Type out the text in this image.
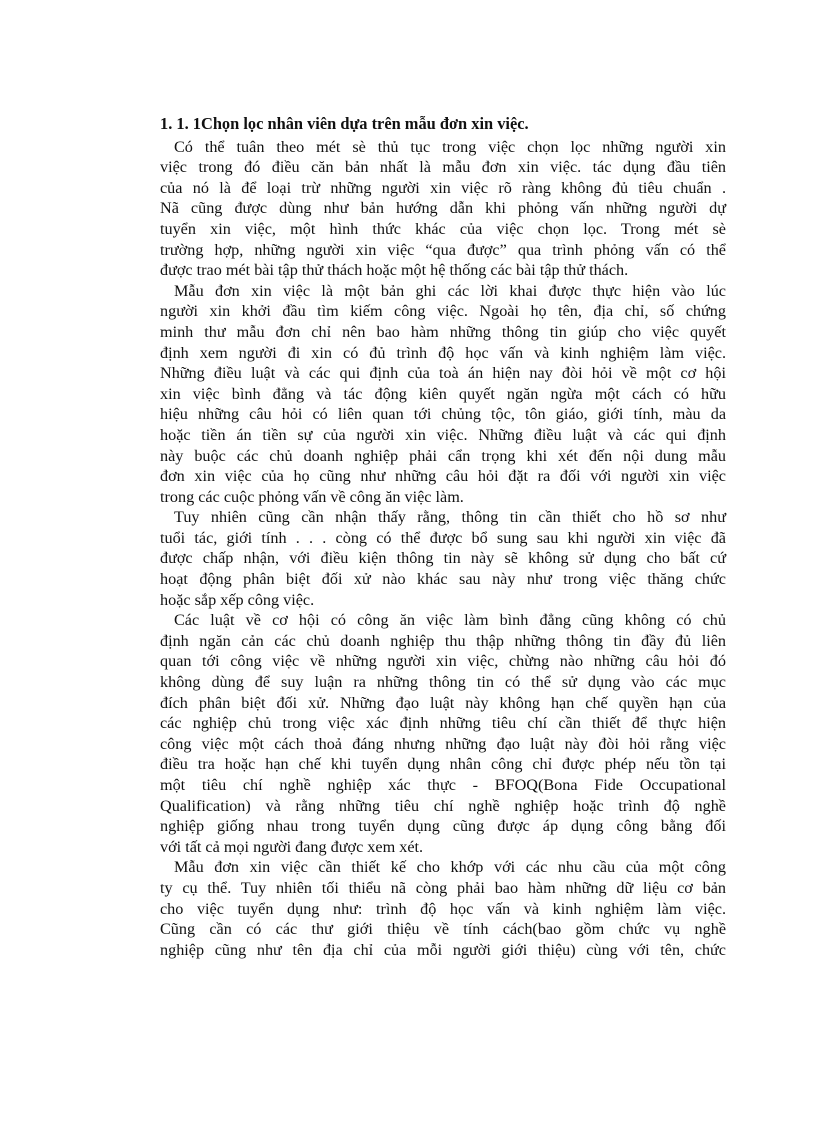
1. 1. 1Chọn lọc nhân viên dựa trên mẫu đơn xin việc.
Có thể tuân theo mét sè thủ tục trong việc chọn lọc những người xin
việc trong đó điều căn bản nhất là mẫu đơn xin việc. tác dụng đầu tiên
của nó là để loại trừ những người xin việc rõ ràng không đủ tiêu chuẩn .
Nã cũng được dùng như bản hướng dẫn khi phỏng vấn những người dự
tuyển xin việc, một hình thức khác của việc chọn lọc. Trong mét sè
trường hợp, những người xin việc “qua được” qua trình phỏng vấn có thể
được trao mét bài tập thử thách hoặc một hệ thống các bài tập thử thách.
Mẫu đơn xin việc là một bản ghi các lời khai được thực hiện vào lúc
người xin khởi đầu tìm kiếm công việc. Ngoài họ tên, địa chỉ, số chứng
minh thư mẫu đơn chỉ nên bao hàm những thông tin giúp cho việc quyết
định xem người đi xin có đủ trình độ học vấn và kinh nghiệm làm việc.
Những điều luật và các qui định của toà án hiện nay đòi hỏi về một cơ hội
xin việc bình đẳng và tác động kiên quyết ngăn ngừa một cách có hữu
hiệu những câu hỏi có liên quan tới chủng tộc, tôn giáo, giới tính, màu da
hoặc tiền án tiền sự của người xin việc. Những điều luật và các qui định
này buộc các chủ doanh nghiệp phải cẩn trọng khi xét đến nội dung mẫu
đơn xin việc của họ cũng như những câu hỏi đặt ra đối với người xin việc
trong các cuộc phỏng vấn về công ăn việc làm.
Tuy nhiên cũng cần nhận thấy rằng, thông tin cần thiết cho hồ sơ như
tuổi tác, giới tính . . . còng có thể được bổ sung sau khi người xin việc đã
được chấp nhận, với điều kiện thông tin này sẽ không sử dụng cho bất cứ
hoạt động phân biệt đối xử nào khác sau này như trong việc thăng chức
hoặc sắp xếp công việc.
Các luật về cơ hội có công ăn việc làm bình đẳng cũng không có chủ
định ngăn cản các chủ doanh nghiệp thu thập những thông tin đầy đủ liên
quan tới công việc về những người xin việc, chừng nào những câu hỏi đó
không dùng để suy luận ra những thông tin có thể sử dụng vào các mục
đích phân biệt đối xử. Những đạo luật này không hạn chế quyền hạn của
các nghiệp chủ trong việc xác định những tiêu chí cần thiết để thực hiện
công việc một cách thoả đáng nhưng những đạo luật này đòi hỏi rằng việc
điều tra hoặc hạn chế khi tuyển dụng nhân công chỉ được phép nếu tồn tại
một tiêu chí nghề nghiệp xác thực - BFOQ(Bona Fide Occupational
Qualification) và rằng những tiêu chí nghề nghiệp hoặc trình độ nghề
nghiệp giống nhau trong tuyển dụng cũng được áp dụng công bằng đối
với tất cả mọi người đang được xem xét.
Mẫu đơn xin việc cần thiết kế cho khớp với các nhu cầu của một công
ty cụ thể. Tuy nhiên tối thiểu nã còng phải bao hàm những dữ liệu cơ bản
cho việc tuyển dụng như: trình độ học vấn và kinh nghiệm làm việc.
Cũng cần có các thư giới thiệu về tính cách(bao gồm chức vụ nghề
nghiệp cũng như tên địa chỉ của mỗi người giới thiệu) cùng với tên, chức
